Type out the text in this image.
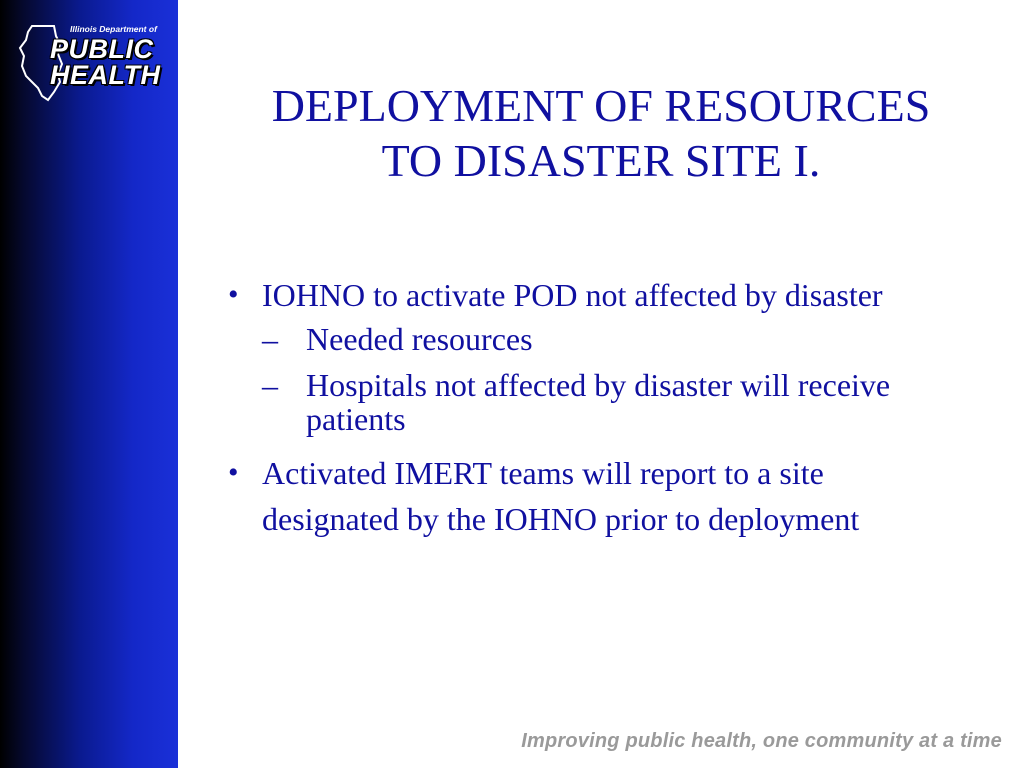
Illinois Department of
PUBLIC
HEALTH
DEPLOYMENT OF RESOURCES
TO DISASTER SITE I.

• IOHNO to activate POD not affected by disaster

– Needed resources
– Hospitals not affected by disaster will receive patients

• Activated IMERT teams will report to a site designated by the IOHNO prior to deployment

Improving public health, one community at a time
